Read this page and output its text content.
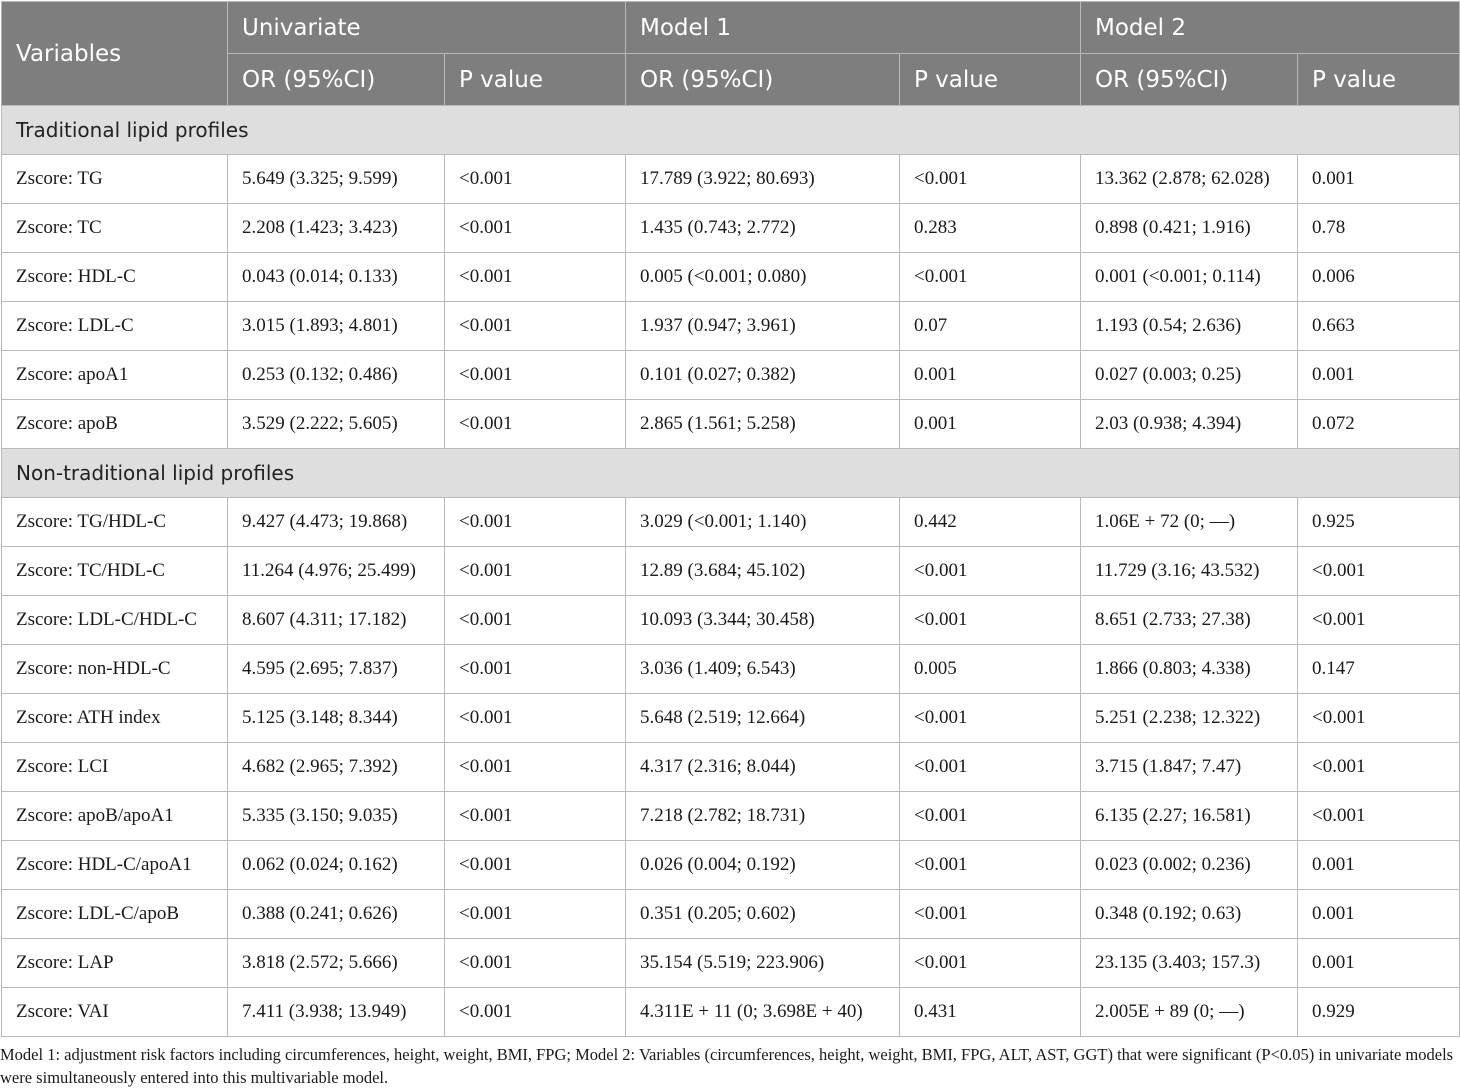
Variables	Univariate		Model 1		Model 2	
	OR (95%CI)	P value	OR (95%CI)	P value	OR (95%CI)	P value
Traditional lipid profiles						
Zscore: TG	5.649 (3.325; 9.599)	<0.001	17.789 (3.922; 80.693)	<0.001	13.362 (2.878; 62.028)	0.001
Zscore: TC	2.208 (1.423; 3.423)	<0.001	1.435 (0.743; 2.772)	0.283	0.898 (0.421; 1.916)	0.78
Zscore: HDL-C	0.043 (0.014; 0.133)	<0.001	0.005 (<0.001; 0.080)	<0.001	0.001 (<0.001; 0.114)	0.006
Zscore: LDL-C	3.015 (1.893; 4.801)	<0.001	1.937 (0.947; 3.961)	0.07	1.193 (0.54; 2.636)	0.663
Zscore: apoA1	0.253 (0.132; 0.486)	<0.001	0.101 (0.027; 0.382)	0.001	0.027 (0.003; 0.25)	0.001
Zscore: apoB	3.529 (2.222; 5.605)	<0.001	2.865 (1.561; 5.258)	0.001	2.03 (0.938; 4.394)	0.072
Non-traditional lipid profiles						
Zscore: TG/HDL-C	9.427 (4.473; 19.868)	<0.001	3.029 (<0.001; 1.140)	0.442	1.06E + 72 (0; —)	0.925
Zscore: TC/HDL-C	11.264 (4.976; 25.499)	<0.001	12.89 (3.684; 45.102)	<0.001	11.729 (3.16; 43.532)	<0.001
Zscore: LDL-C/HDL-C	8.607 (4.311; 17.182)	<0.001	10.093 (3.344; 30.458)	<0.001	8.651 (2.733; 27.38)	<0.001
Zscore: non-HDL-C	4.595 (2.695; 7.837)	<0.001	3.036 (1.409; 6.543)	0.005	1.866 (0.803; 4.338)	0.147
Zscore: ATH index	5.125 (3.148; 8.344)	<0.001	5.648 (2.519; 12.664)	<0.001	5.251 (2.238; 12.322)	<0.001
Zscore: LCI	4.682 (2.965; 7.392)	<0.001	4.317 (2.316; 8.044)	<0.001	3.715 (1.847; 7.47)	<0.001
Zscore: apoB/apoA1	5.335 (3.150; 9.035)	<0.001	7.218 (2.782; 18.731)	<0.001	6.135 (2.27; 16.581)	<0.001
Zscore: HDL-C/apoA1	0.062 (0.024; 0.162)	<0.001	0.026 (0.004; 0.192)	<0.001	0.023 (0.002; 0.236)	0.001
Zscore: LDL-C/apoB	0.388 (0.241; 0.626)	<0.001	0.351 (0.205; 0.602)	<0.001	0.348 (0.192; 0.63)	0.001
Zscore: LAP	3.818 (2.572; 5.666)	<0.001	35.154 (5.519; 223.906)	<0.001	23.135 (3.403; 157.3)	0.001
Zscore: VAI	7.411 (3.938; 13.949)	<0.001	4.311E + 11 (0; 3.698E + 40)	0.431	2.005E + 89 (0; —)	0.929

Model 1: adjustment risk factors including circumferences, height, weight, BMI, FPG; Model 2: Variables (circumferences, height, weight, BMI, FPG, ALT, AST, GGT) that were significant (P<0.05) in univariate models were simultaneously entered into this multivariable model.
